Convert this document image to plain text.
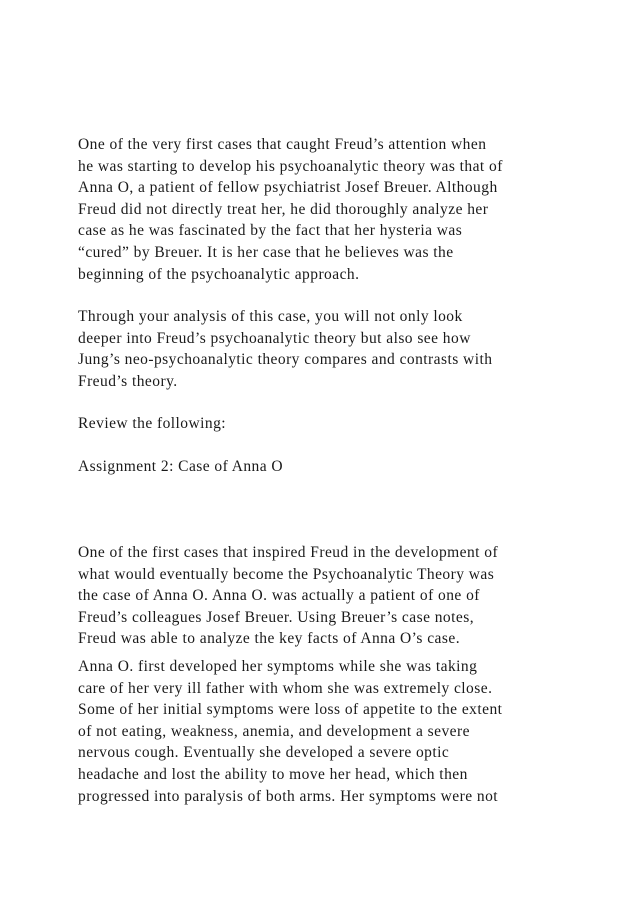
One of the very first cases that caught Freud’s attention when
he was starting to develop his psychoanalytic theory was that of
Anna O, a patient of fellow psychiatrist Josef Breuer. Although
Freud did not directly treat her, he did thoroughly analyze her
case as he was fascinated by the fact that her hysteria was
“cured” by Breuer. It is her case that he believes was the
beginning of the psychoanalytic approach.

Through your analysis of this case, you will not only look
deeper into Freud’s psychoanalytic theory but also see how
Jung’s neo-psychoanalytic theory compares and contrasts with
Freud’s theory.

Review the following:

Assignment 2: Case of Anna O

One of the first cases that inspired Freud in the development of
what would eventually become the Psychoanalytic Theory was
the case of Anna O. Anna O. was actually a patient of one of
Freud’s colleagues Josef Breuer. Using Breuer’s case notes,
Freud was able to analyze the key facts of Anna O’s case.

Anna O. first developed her symptoms while she was taking
care of her very ill father with whom she was extremely close.
Some of her initial symptoms were loss of appetite to the extent
of not eating, weakness, anemia, and development a severe
nervous cough. Eventually she developed a severe optic
headache and lost the ability to move her head, which then
progressed into paralysis of both arms. Her symptoms were not
